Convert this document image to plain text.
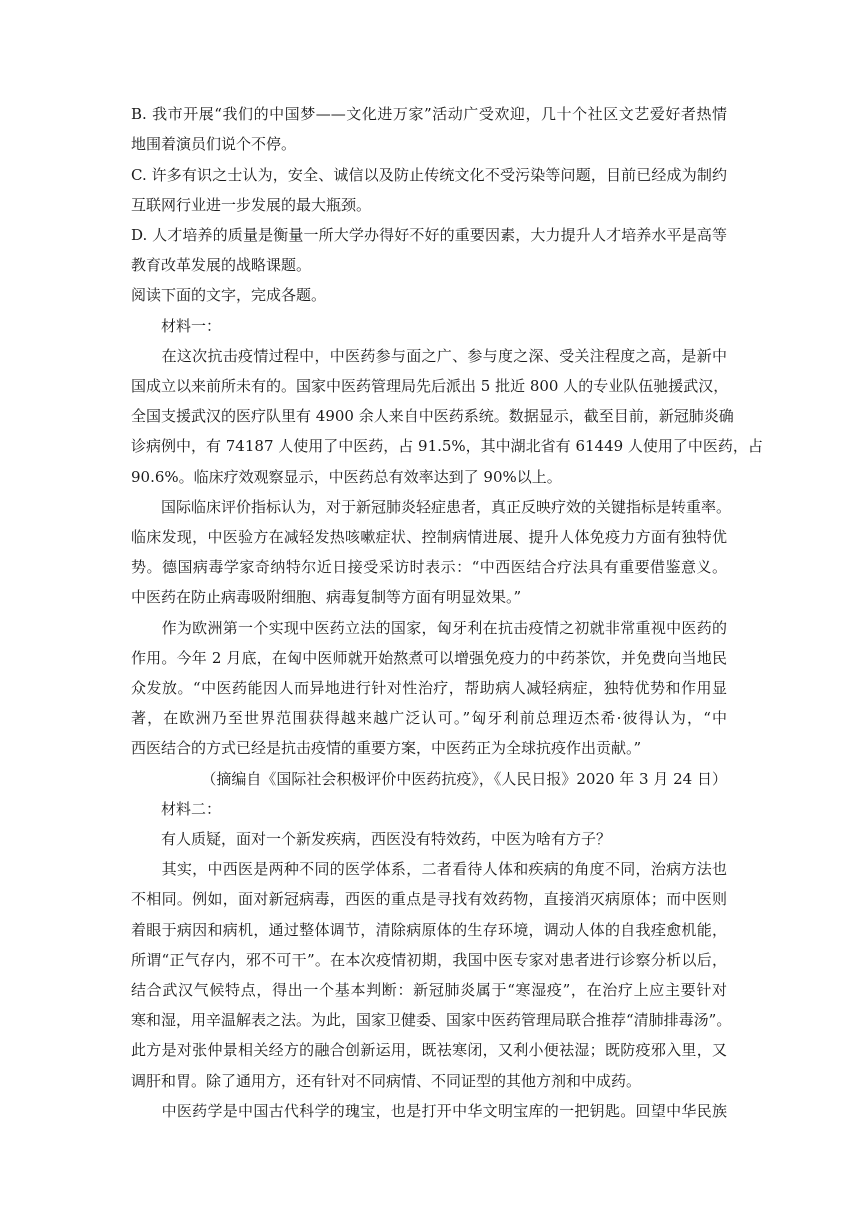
B. 我市开展“我们的中国梦——文化进万家”活动广受欢迎，几十个社区文艺爱好者热情
地围着演员们说个不停。
C. 许多有识之士认为，安全、诚信以及防止传统文化不受污染等问题，目前已经成为制约
互联网行业进一步发展的最大瓶颈。
D. 人才培养的质量是衡量一所大学办得好不好的重要因素，大力提升人才培养水平是高等
教育改革发展的战略课题。
阅读下面的文字，完成各题。
　　材料一：
　　在这次抗击疫情过程中，中医药参与面之广、参与度之深、受关注程度之高，是新中
国成立以来前所未有的。国家中医药管理局先后派出 5 批近 800 人的专业队伍驰援武汉，
全国支援武汉的医疗队里有 4900 余人来自中医药系统。数据显示，截至目前，新冠肺炎确
诊病例中，有 74187 人使用了中医药，占 91.5%，其中湖北省有 61449 人使用了中医药，占
90.6%。临床疗效观察显示，中医药总有效率达到了 90%以上。
　　国际临床评价指标认为，对于新冠肺炎轻症患者，真正反映疗效的关键指标是转重率。
临床发现，中医验方在减轻发热咳嗽症状、控制病情进展、提升人体免疫力方面有独特优
势。德国病毒学家奇纳特尔近日接受采访时表示：“中西医结合疗法具有重要借鉴意义。
中医药在防止病毒吸附细胞、病毒复制等方面有明显效果。”
　　作为欧洲第一个实现中医药立法的国家，匈牙利在抗击疫情之初就非常重视中医药的
作用。今年 2 月底，在匈中医师就开始熬煮可以增强免疫力的中药茶饮，并免费向当地民
众发放。“中医药能因人而异地进行针对性治疗，帮助病人减轻病症，独特优势和作用显
著，在欧洲乃至世界范围获得越来越广泛认可。”匈牙利前总理迈杰希·彼得认为，“中
西医结合的方式已经是抗击疫情的重要方案，中医药正为全球抗疫作出贡献。”
（摘编自《国际社会积极评价中医药抗疫》，《人民日报》2020 年 3 月 24 日）
　　材料二：
　　有人质疑，面对一个新发疾病，西医没有特效药，中医为啥有方子？
　　其实，中西医是两种不同的医学体系，二者看待人体和疾病的角度不同，治病方法也
不相同。例如，面对新冠病毒，西医的重点是寻找有效药物，直接消灭病原体；而中医则
着眼于病因和病机，通过整体调节，清除病原体的生存环境，调动人体的自我痊愈机能，
所谓“正气存内，邪不可干”。在本次疫情初期，我国中医专家对患者进行诊察分析以后，
结合武汉气候特点，得出一个基本判断：新冠肺炎属于“寒湿疫”，在治疗上应主要针对
寒和湿，用辛温解表之法。为此，国家卫健委、国家中医药管理局联合推荐“清肺排毒汤”。
此方是对张仲景相关经方的融合创新运用，既祛寒闭，又利小便祛湿；既防疫邪入里，又
调肝和胃。除了通用方，还有针对不同病情、不同证型的其他方剂和中成药。
　　中医药学是中国古代科学的瑰宝，也是打开中华文明宝库的一把钥匙。回望中华民族
